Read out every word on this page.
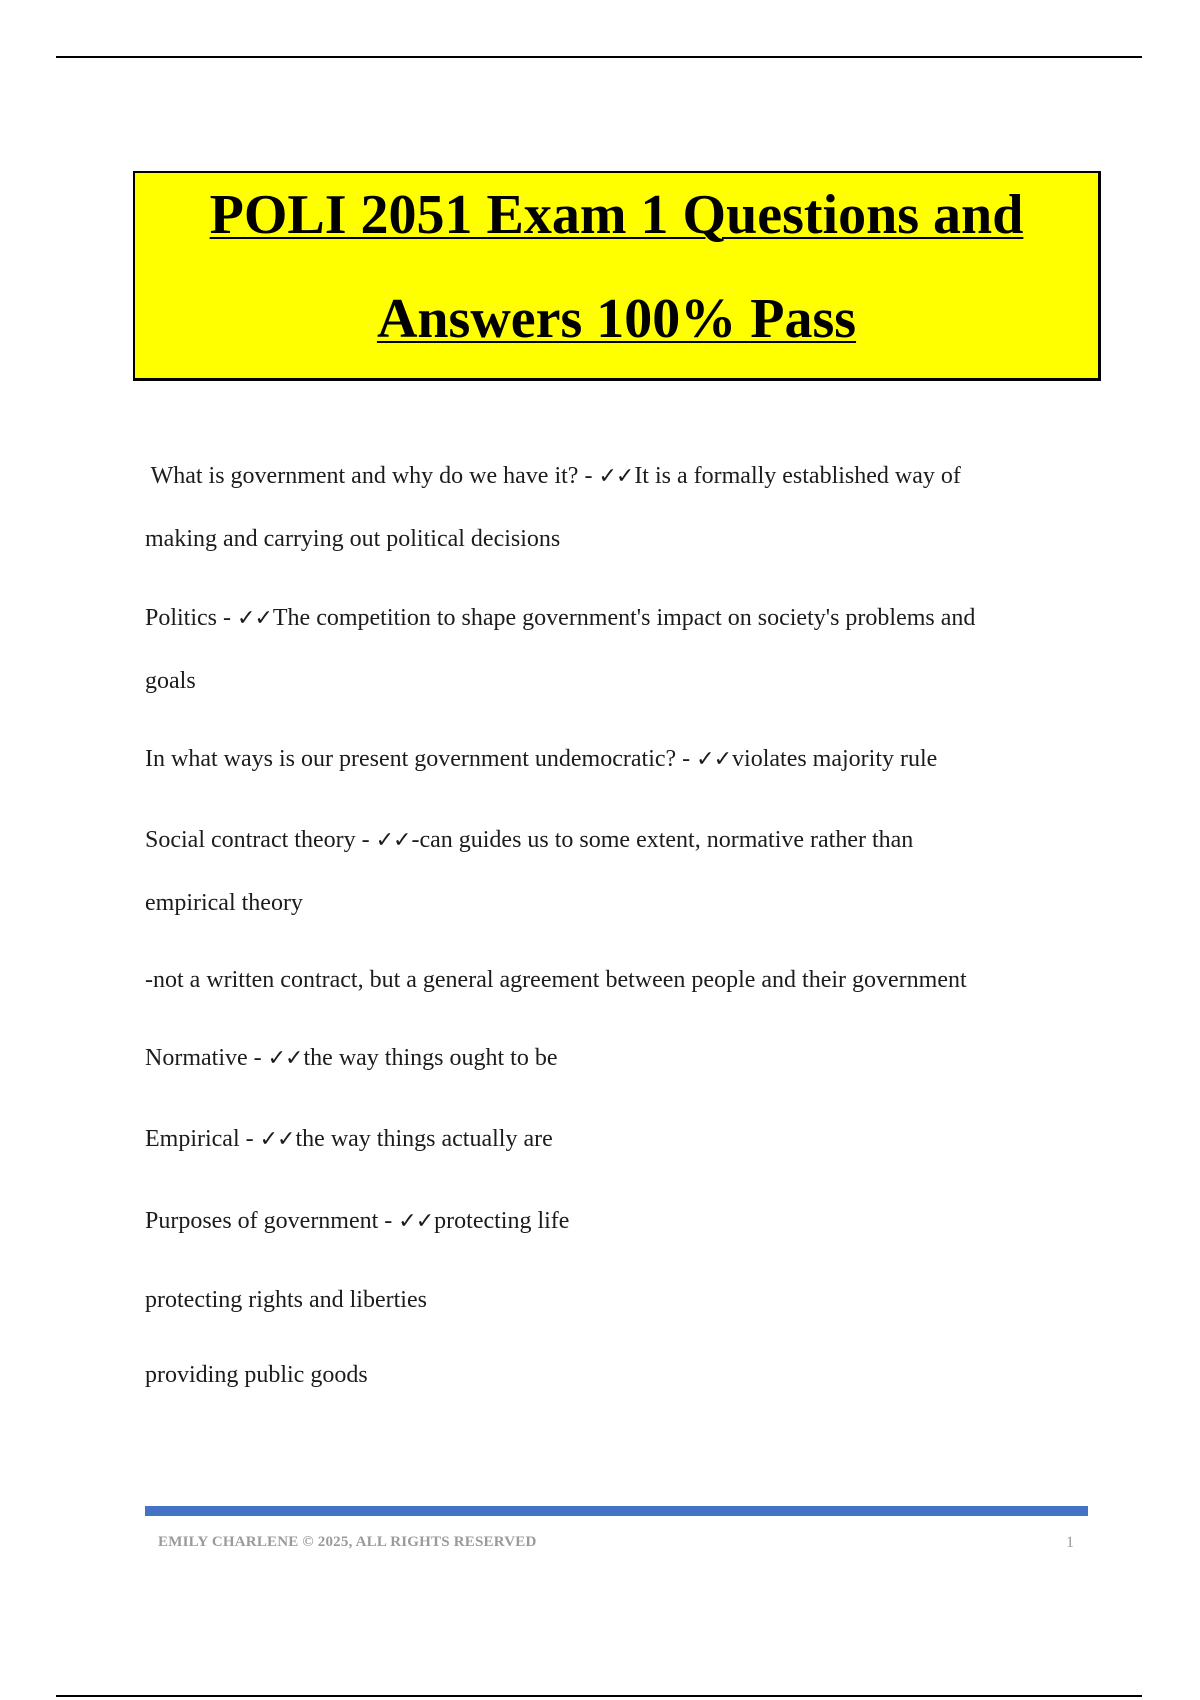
POLI 2051 Exam 1 Questions and
Answers 100% Pass
What is government and why do we have it? - ✓✓It is a formally established way of
making and carrying out political decisions
Politics - ✓✓The competition to shape government's impact on society's problems and
goals
In what ways is our present government undemocratic? - ✓✓violates majority rule
Social contract theory - ✓✓-can guides us to some extent, normative rather than
empirical theory
-not a written contract, but a general agreement between people and their government
Normative - ✓✓the way things ought to be
Empirical - ✓✓the way things actually are
Purposes of government - ✓✓protecting life
protecting rights and liberties
providing public goods
EMILY CHARLENE © 2025, ALL RIGHTS RESERVED	1
